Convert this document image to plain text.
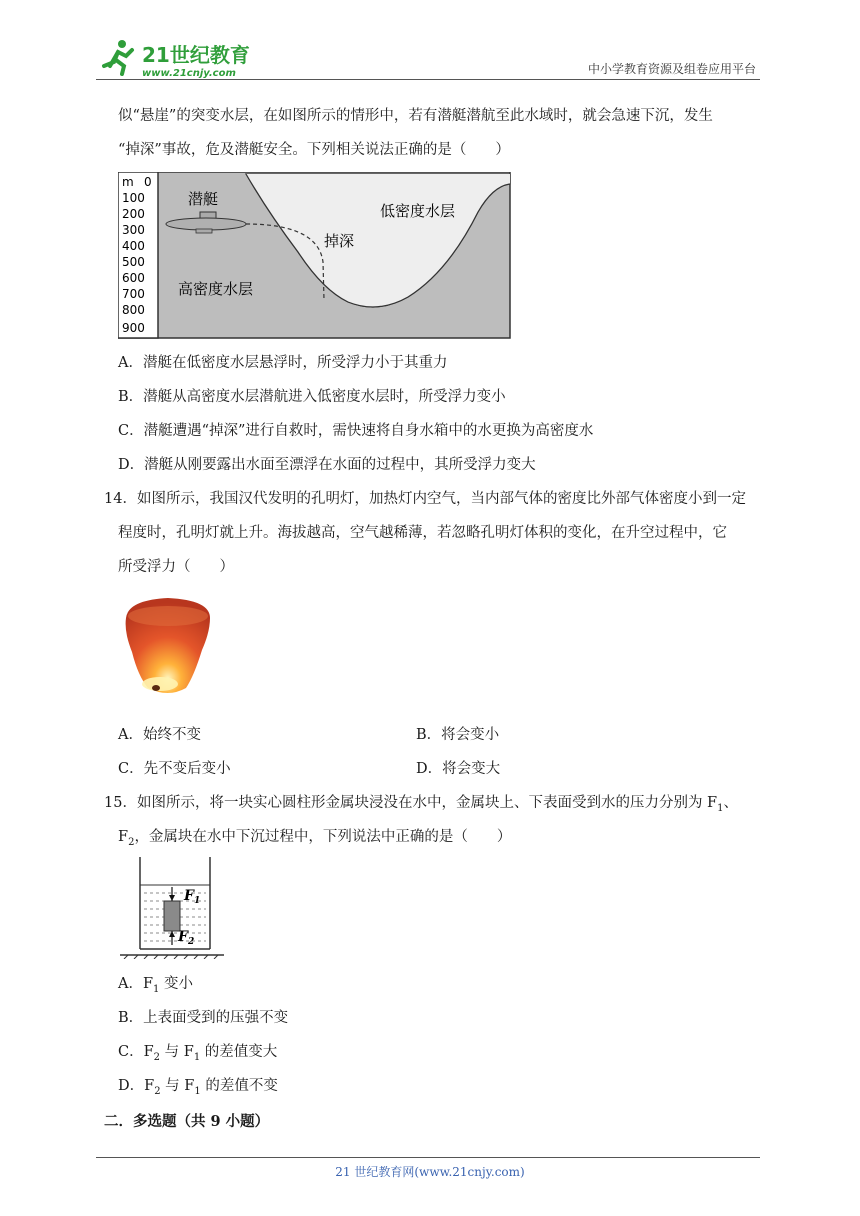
21世纪教育
www.21cnjy.com	中小学教育资源及组卷应用平台
似“悬崖”的突变水层，在如图所示的情形中，若有潜艇潜航至此水域时，就会急速下沉，发生
“掉深”事故，危及潜艇安全。下列相关说法正确的是（　　）
m 0
100
200
300
400
500
600
700
800
900
潜艇
低密度水层
掉深
高密度水层
A．潜艇在低密度水层悬浮时，所受浮力小于其重力
B．潜艇从高密度水层潜航进入低密度水层时，所受浮力变小
C．潜艇遭遇“掉深”进行自救时，需快速将自身水箱中的水更换为高密度水
D．潜艇从刚要露出水面至漂浮在水面的过程中，其所受浮力变大
14．如图所示，我国汉代发明的孔明灯，加热灯内空气，当内部气体的密度比外部气体密度小到一定
程度时，孔明灯就上升。海拔越高，空气越稀薄，若忽略孔明灯体积的变化，在升空过程中，它
所受浮力（　　）
A．始终不变	B．将会变小
C．先不变后变小	D．将会变大
15．如图所示，将一块实心圆柱形金属块浸没在水中，金属块上、下表面受到水的压力分别为 $F_1$、
$F_2$，金属块在水中下沉过程中，下列说法中正确的是（　　）
$F_1$
$F_2$
A．$F_1$ 变小
B．上表面受到的压强不变
C．$F_2$ 与 $F_1$ 的差值变大
D．$F_2$ 与 $F_1$ 的差值不变
二．多选题（共 9 小题）
21 世纪教育网(www.21cnjy.com)
